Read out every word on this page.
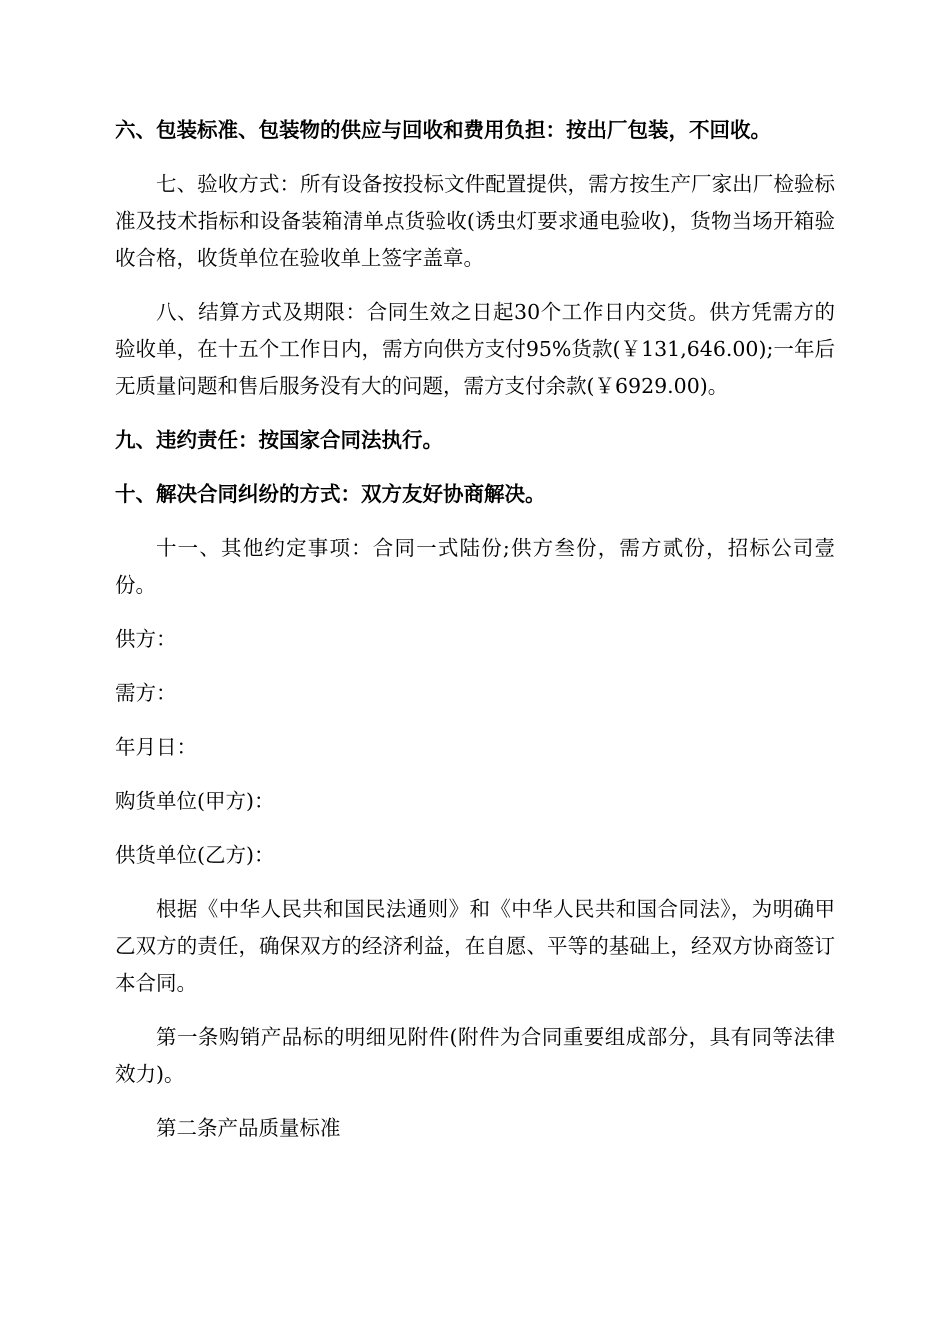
六、包装标准、包装物的供应与回收和费用负担：按出厂包装，不回收。

七、验收方式：所有设备按投标文件配置提供，需方按生产厂家出厂检验标准及技术指标和设备装箱清单点货验收(诱虫灯要求通电验收)，货物当场开箱验收合格，收货单位在验收单上签字盖章。

八、结算方式及期限：合同生效之日起30个工作日内交货。供方凭需方的验收单，在十五个工作日内，需方向供方支付95%货款(￥131,646.00);一年后无质量问题和售后服务没有大的问题，需方支付余款(￥6929.00)。

九、违约责任：按国家合同法执行。

十、解决合同纠纷的方式：双方友好协商解决。

十一、其他约定事项：合同一式陆份;供方叁份，需方贰份，招标公司壹份。

供方：

需方：

年月日：

购货单位(甲方)：

供货单位(乙方)：

根据《中华人民共和国民法通则》和《中华人民共和国合同法》，为明确甲乙双方的责任，确保双方的经济利益，在自愿、平等的基础上，经双方协商签订本合同。

第一条购销产品标的明细见附件(附件为合同重要组成部分，具有同等法律效力)。

第二条产品质量标准
